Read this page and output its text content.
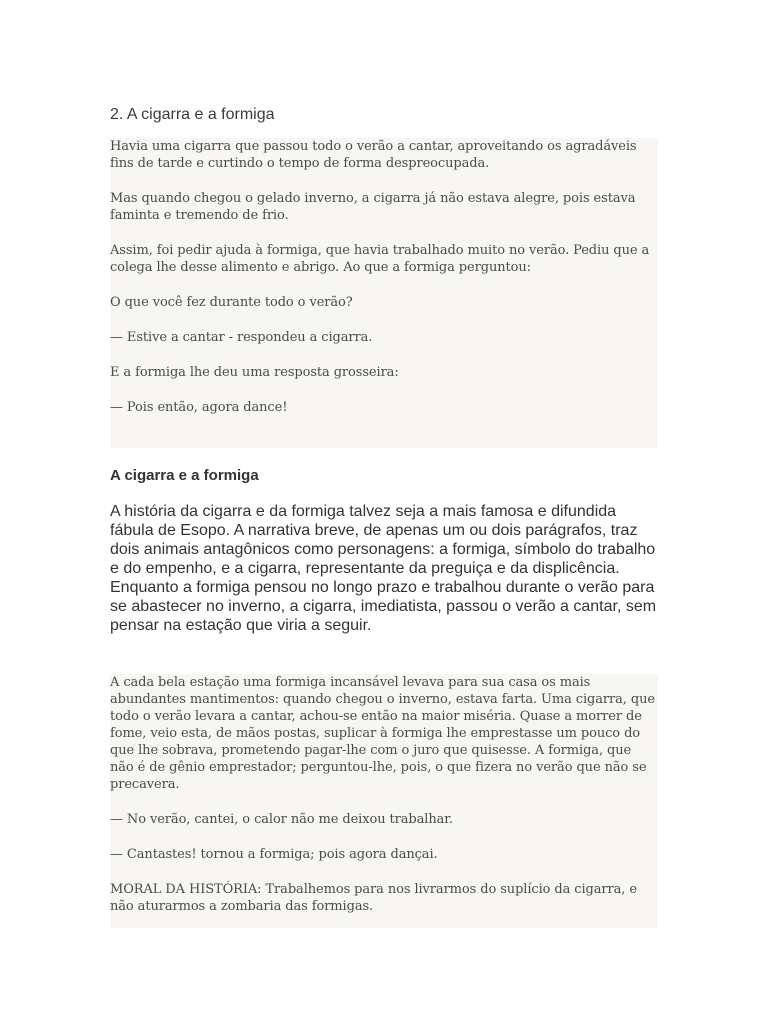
2. A cigarra e a formiga

Havia uma cigarra que passou todo o verão a cantar, aproveitando os agradáveis fins de tarde e curtindo o tempo de forma despreocupada.

Mas quando chegou o gelado inverno, a cigarra já não estava alegre, pois estava faminta e tremendo de frio.

Assim, foi pedir ajuda à formiga, que havia trabalhado muito no verão. Pediu que a colega lhe desse alimento e abrigo. Ao que a formiga perguntou:

O que você fez durante todo o verão?

— Estive a cantar - respondeu a cigarra.

E a formiga lhe deu uma resposta grosseira:

— Pois então, agora dance!

A cigarra e a formiga

A história da cigarra e da formiga talvez seja a mais famosa e difundida fábula de Esopo. A narrativa breve, de apenas um ou dois parágrafos, traz dois animais antagônicos como personagens: a formiga, símbolo do trabalho e do empenho, e a cigarra, representante da preguiça e da displicência. Enquanto a formiga pensou no longo prazo e trabalhou durante o verão para se abastecer no inverno, a cigarra, imediatista, passou o verão a cantar, sem pensar na estação que viria a seguir.

A cada bela estação uma formiga incansável levava para sua casa os mais abundantes mantimentos: quando chegou o inverno, estava farta. Uma cigarra, que todo o verão levara a cantar, achou-se então na maior miséria. Quase a morrer de fome, veio esta, de mãos postas, suplicar à formiga lhe emprestasse um pouco do que lhe sobrava, prometendo pagar-lhe com o juro que quisesse. A formiga, que não é de gênio emprestador; perguntou-lhe, pois, o que fizera no verão que não se precavera.

— No verão, cantei, o calor não me deixou trabalhar.

— Cantastes! tornou a formiga; pois agora dançai.

MORAL DA HISTÓRIA: Trabalhemos para nos livrarmos do suplício da cigarra, e não aturarmos a zombaria das formigas.
